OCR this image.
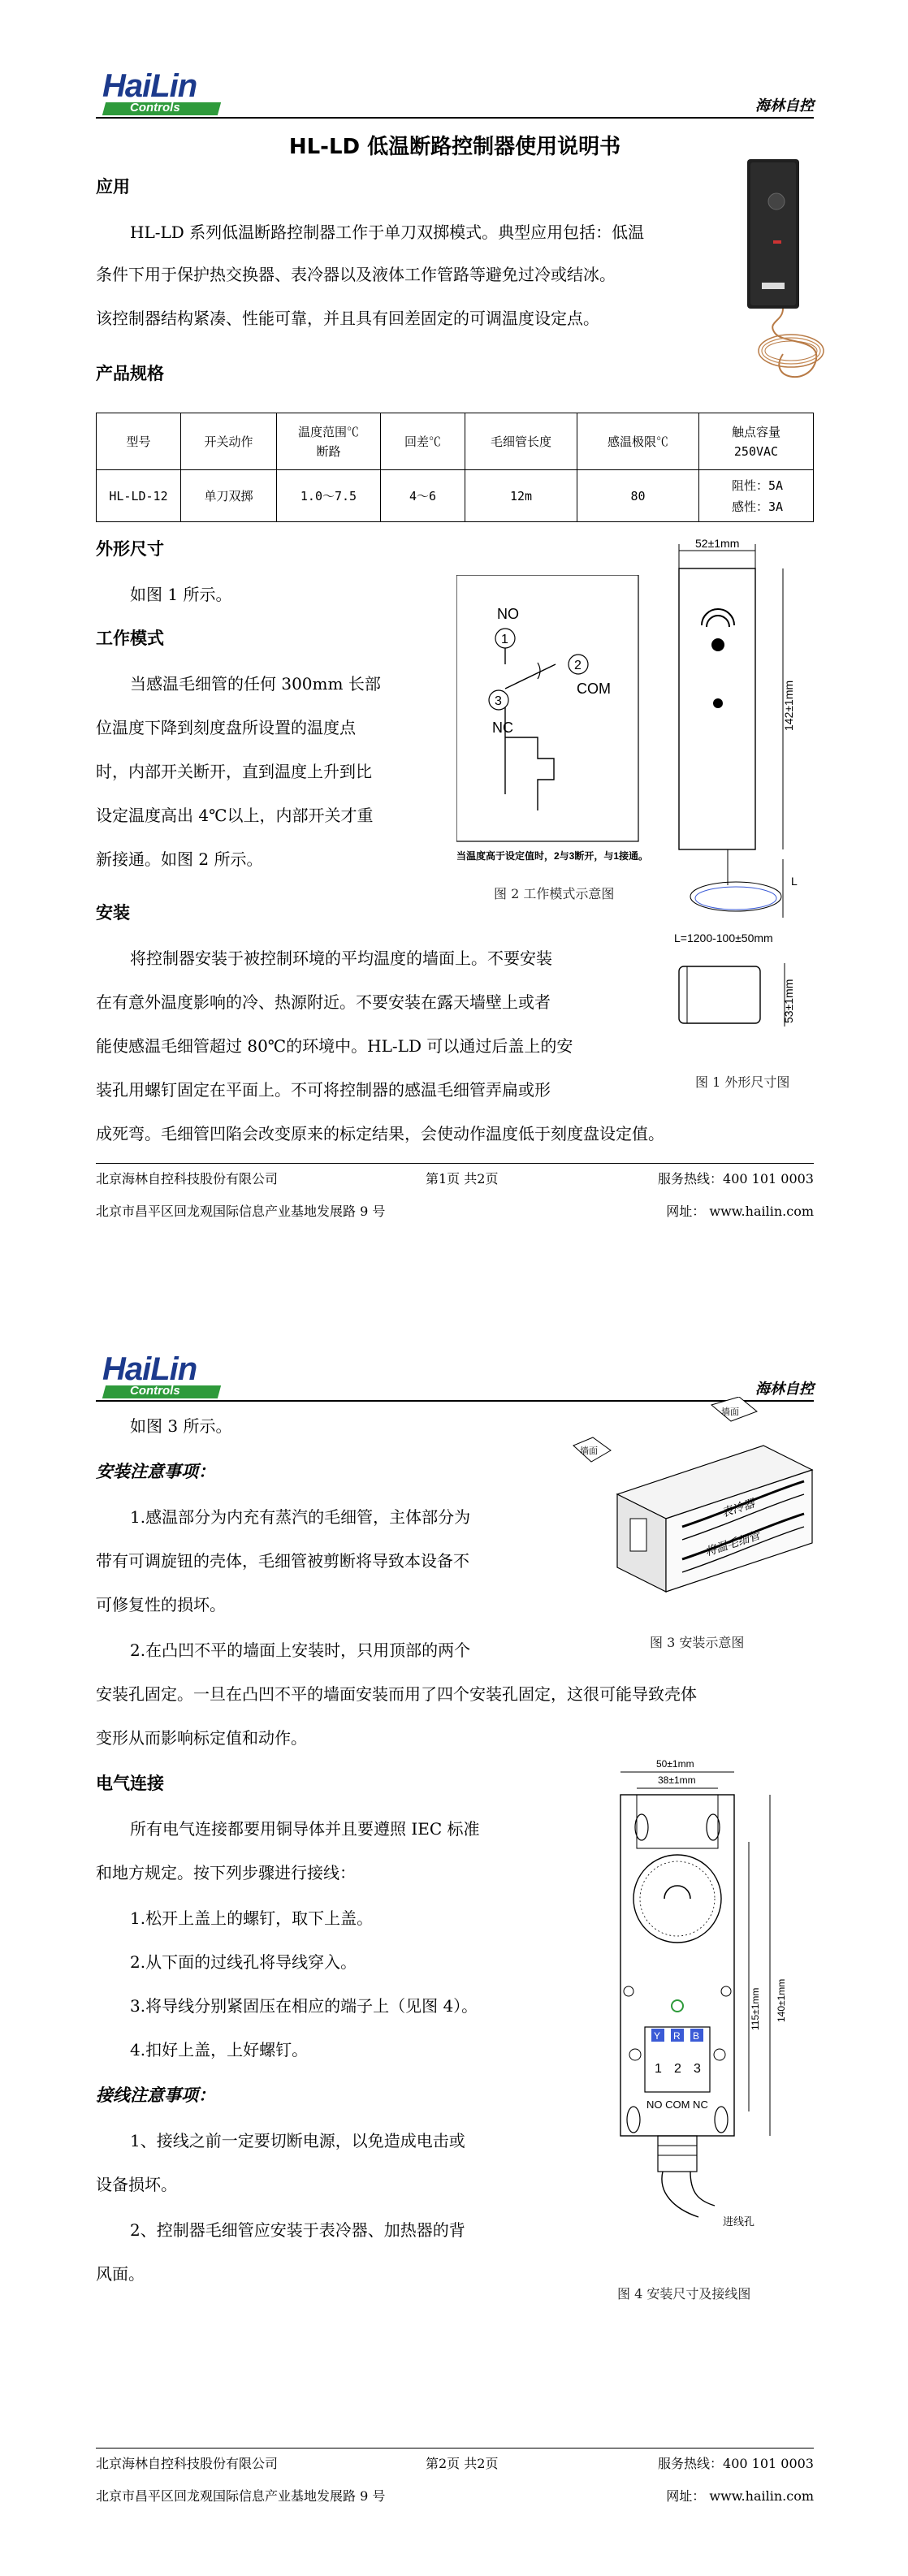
HaiLin
Controls	海林自控
HL-LD 低温断路控制器使用说明书
应用
HL-LD 系列低温断路控制器工作于单刀双掷模式。典型应用包括：低温
条件下用于保护热交换器、表冷器以及液体工作管路等避免过冷或结冰。
该控制器结构紧凑、性能可靠，并且具有回差固定的可调温度设定点。
产品规格
型号	开关动作	温度范围℃ 断路	回差℃	毛细管长度	感温极限℃	触点容量 250VAC
HL-LD-12	单刀双掷	1.0～7.5	4～6	12m	80	阻性：5A
感性：3A
外形尺寸
如图 1 所示。
工作模式
当感温毛细管的任何 300mm 长部
位温度下降到刻度盘所设置的温度点
时，内部开关断开，直到温度上升到比
设定温度高出 4℃以上，内部开关才重
新接通。如图 2 所示。
NO
1
2
COM
3
NC
当温度高于设定值时，2与3断开，与1接通。
图 2 工作模式示意图
52±1mm
142±1mm
L
L=1200-100±50mm
53±1mm
图 1 外形尺寸图
安装
将控制器安装于被控制环境的平均温度的墙面上。不要安装
在有意外温度影响的冷、热源附近。不要安装在露天墙壁上或者
能使感温毛细管超过 80℃的环境中。HL-LD 可以通过后盖上的安
装孔用螺钉固定在平面上。不可将控制器的感温毛细管弄扁或形
成死弯。毛细管凹陷会改变原来的标定结果，会使动作温度低于刻度盘设定值。
北京海林自控科技股份有限公司	第1页 共2页	服务热线：400 101 0003
北京市昌平区回龙观国际信息产业基地发展路 9 号	网址： www.hailin.com
HaiLin
Controls	海林自控
如图 3 所示。
安装注意事项：
1.感温部分为内充有蒸汽的毛细管，主体部分为
带有可调旋钮的壳体，毛细管被剪断将导致本设备不
可修复性的损坏。
2.在凸凹不平的墙面上安装时，只用顶部的两个
安装孔固定。一旦在凸凹不平的墙面安装而用了四个安装孔固定，这很可能导致壳体
变形从而影响标定值和动作。
表冷器
将温毛细管
墙面
墙面
图 3 安装示意图
电气连接
所有电气连接都要用铜导体并且要遵照 IEC 标准
和地方规定。按下列步骤进行接线：
1.松开上盖上的螺钉，取下上盖。
2.从下面的过线孔将导线穿入。
3.将导线分别紧固压在相应的端子上（见图 4）。
4.扣好上盖，上好螺钉。
接线注意事项：
1、接线之前一定要切断电源，以免造成电击或
设备损坏。
2、控制器毛细管应安装于表冷器、加热器的背
风面。
50±1mm
38±1mm
Y R B
1 2 3
NO COM NC
进线孔
140±1mm
115±1mm
图 4 安装尺寸及接线图
北京海林自控科技股份有限公司	第2页 共2页	服务热线：400 101 0003
北京市昌平区回龙观国际信息产业基地发展路 9 号	网址： www.hailin.com
